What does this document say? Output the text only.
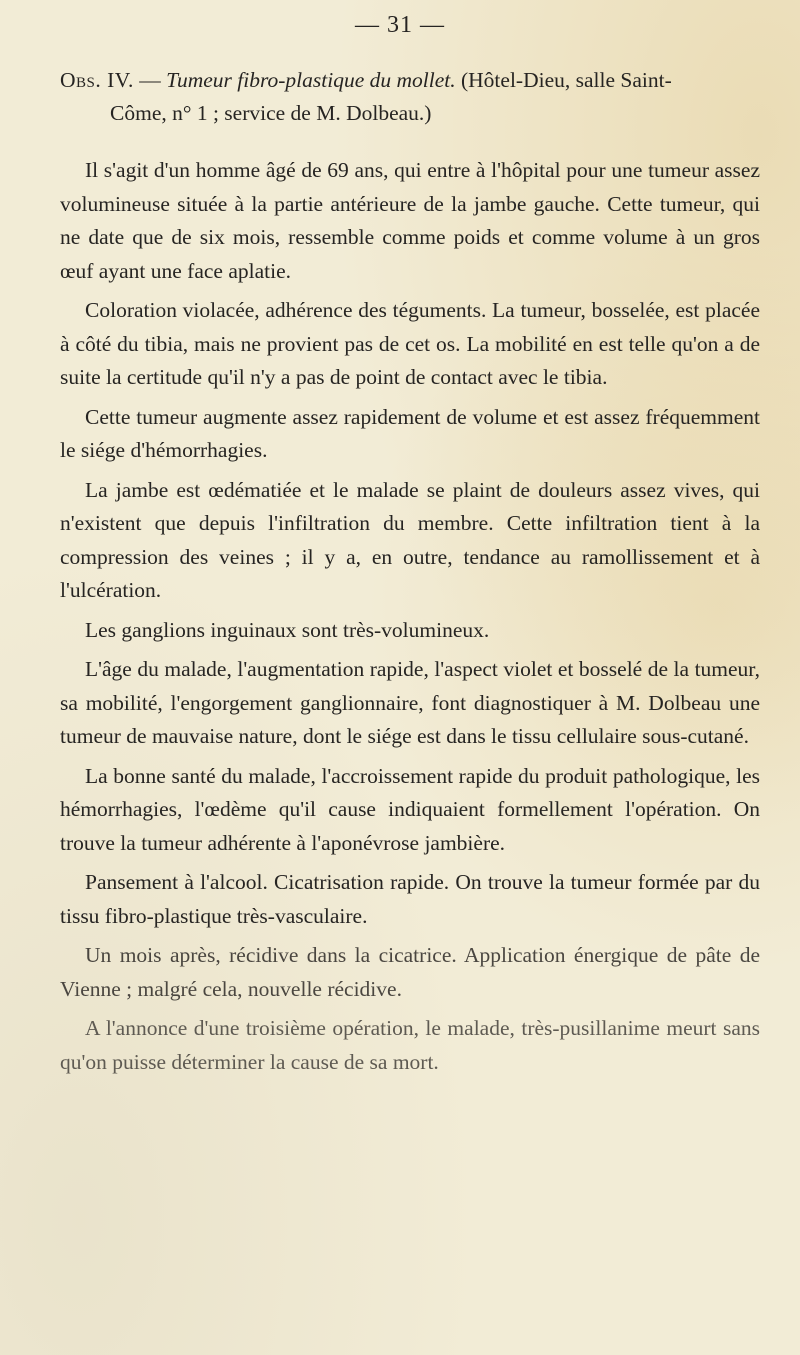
— 31 —
Obs. IV. — Tumeur fibro-plastique du mollet. (Hôtel-Dieu, salle Saint-
Côme, n° 1 ; service de M. Dolbeau.)

Il s'agit d'un homme âgé de 69 ans, qui entre à l'hôpital pour une tumeur assez volumineuse située à la partie antérieure de la jambe gauche. Cette tumeur, qui ne date que de six mois, ressemble comme poids et comme volume à un gros œuf ayant une face aplatie.

Coloration violacée, adhérence des téguments. La tumeur, bosselée, est placée à côté du tibia, mais ne provient pas de cet os. La mobilité en est telle qu'on a de suite la certitude qu'il n'y a pas de point de contact avec le tibia.

Cette tumeur augmente assez rapidement de volume et est assez fréquemment le siége d'hémorrhagies.

La jambe est œdématiée et le malade se plaint de douleurs assez vives, qui n'existent que depuis l'infiltration du membre. Cette infiltration tient à la compression des veines ; il y a, en outre, tendance au ramollissement et à l'ulcération.

Les ganglions inguinaux sont très-volumineux.

L'âge du malade, l'augmentation rapide, l'aspect violet et bosselé de la tumeur, sa mobilité, l'engorgement ganglionnaire, font diagnostiquer à M. Dolbeau une tumeur de mauvaise nature, dont le siége est dans le tissu cellulaire sous-cutané.

La bonne santé du malade, l'accroissement rapide du produit pathologique, les hémorrhagies, l'œdème qu'il cause indiquaient formellement l'opération. On trouve la tumeur adhérente à l'aponévrose jambière.

Pansement à l'alcool. Cicatrisation rapide. On trouve la tumeur formée par du tissu fibro-plastique très-vasculaire.

Un mois après, récidive dans la cicatrice. Application énergique de pâte de Vienne ; malgré cela, nouvelle récidive.

A l'annonce d'une troisième opération, le malade, très-pusillanime meurt sans qu'on puisse déterminer la cause de sa mort.
